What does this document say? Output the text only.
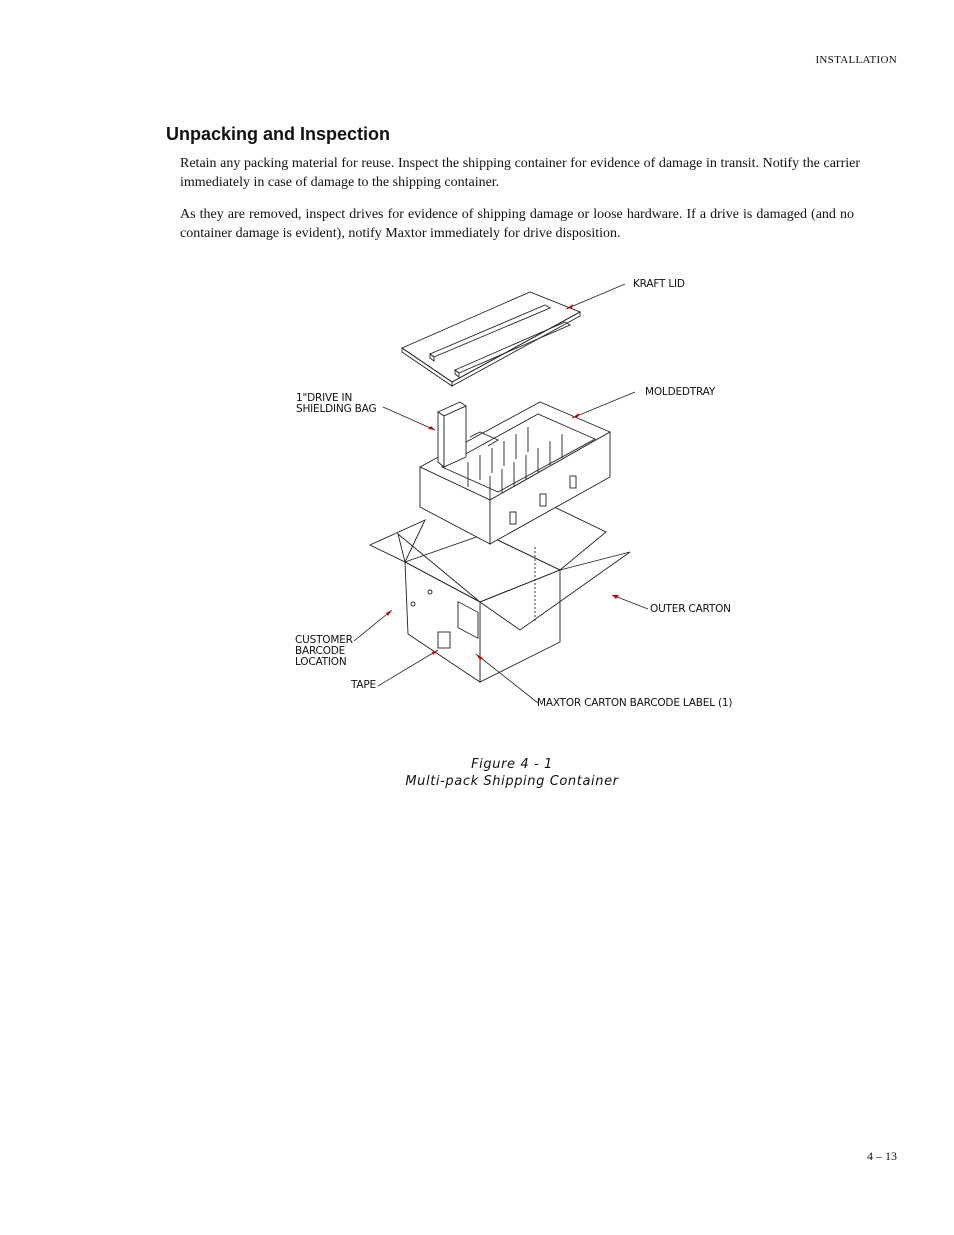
INSTALLATION
Unpacking and Inspection

Retain any packing material for reuse. Inspect the shipping container for evidence of damage in transit. Notify the carrier immediately in case of damage to the shipping container.

As they are removed, inspect drives for evidence of shipping damage or loose hardware. If a drive is damaged (and no container damage is evident), notify Maxtor immediately for drive disposition.

KRAFT LID
MOLDEDTRAY
1"DRIVE IN
SHIELDING BAG
OUTER CARTON
CUSTOMER
BARCODE
LOCATION
TAPE
MAXTOR CARTON BARCODE LABEL (1)
Figure 4 - 1
Multi-pack Shipping Container
4 – 13
